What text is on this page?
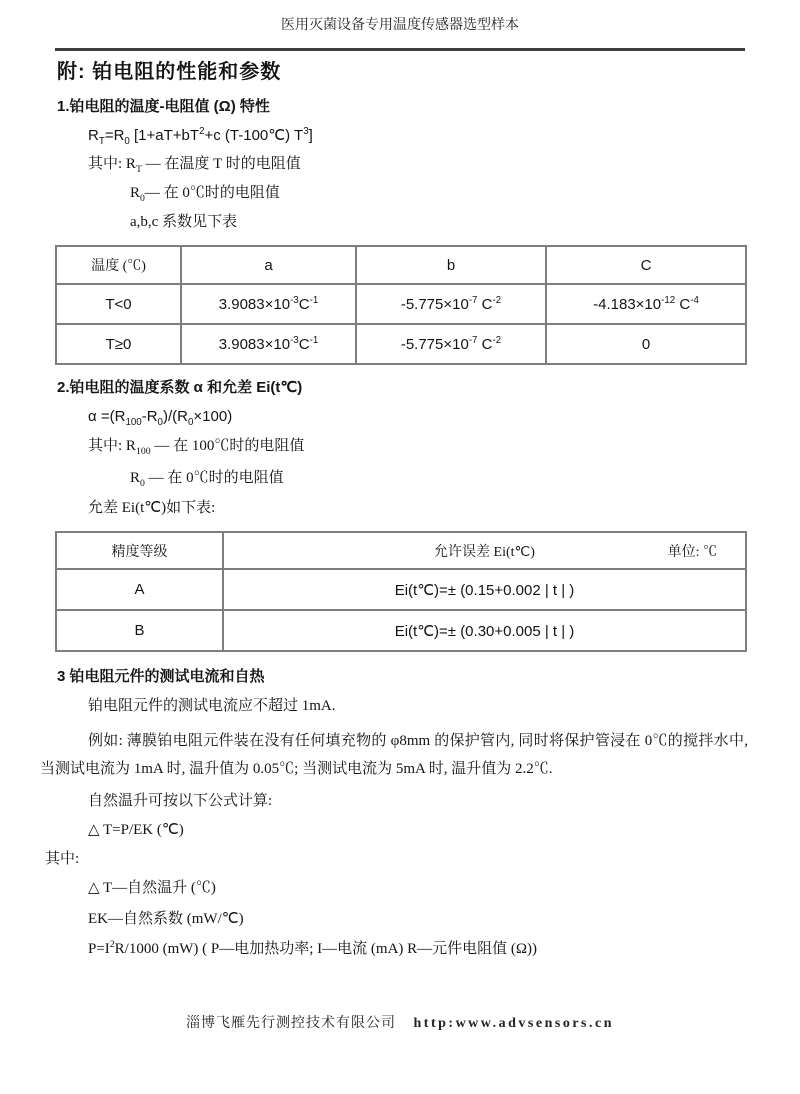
医用灭菌设备专用温度传感器选型样本
附: 铂电阻的性能和参数
1.铂电阻的温度-电阻值 (Ω) 特性
$R_T=R_0$ [$1+aT+bT^2+c$ (T-100℃) $T^3$]
其中: $R_T$ — 在温度 T 时的电阻值
$R_0—$ 在 0℃时的电阻值
a,b,c 系数见下表
温度 (℃)	a	b	C
T<0	$3.9083\times 10^{-3}C^{-1}$	$-5.775\times 10^{-7}$ $C^{-2}$	$-4.183\times 10^{-12}$ $C^{-4}$
T≥0	$3.9083\times 10^{-3}C^{-1}$	$-5.775\times 10^{-7}$ $C^{-2}$	0
2.铂电阻的温度系数 α 和允差 Ei(t℃)
$\alpha =(R_{100}-R_0)/(R_0\times 100)$
其中: $R_{100}$ — 在 100℃时的电阻值
$R_0$ — 在 0℃时的电阻值
允差 Ei(t℃)如下表:
精度等级	允许误差 Ei(t℃) 单位: ℃

A	Ei(t℃)=± (0.15+0.002 | t | )
B	Ei(t℃)=± (0.30+0.005 | t | )
3 铂电阻元件的测试电流和自热
铂电阻元件的测试电流应不超过 1mA.
例如: 薄膜铂电阻元件装在没有任何填充物的 φ8mm 的保护管内, 同时将保护管浸在 0℃的搅拌水中, 当测试电流为 1mA 时, 温升值为 0.05℃; 当测试电流为 5mA 时, 温升值为 2.2℃.
自然温升可按以下公式计算:
△ T=P/EK (℃)
其中:
△ T—自然温升 (℃)
EK—自然系数 (mW/℃)
$P=I^2R/1000$ (mW) ( P—电加热功率; I—电流 (mA) R—元件电阻值 (Ω))
淄博飞雁先行测控技术有限公司 http:www.advsensors.cn
